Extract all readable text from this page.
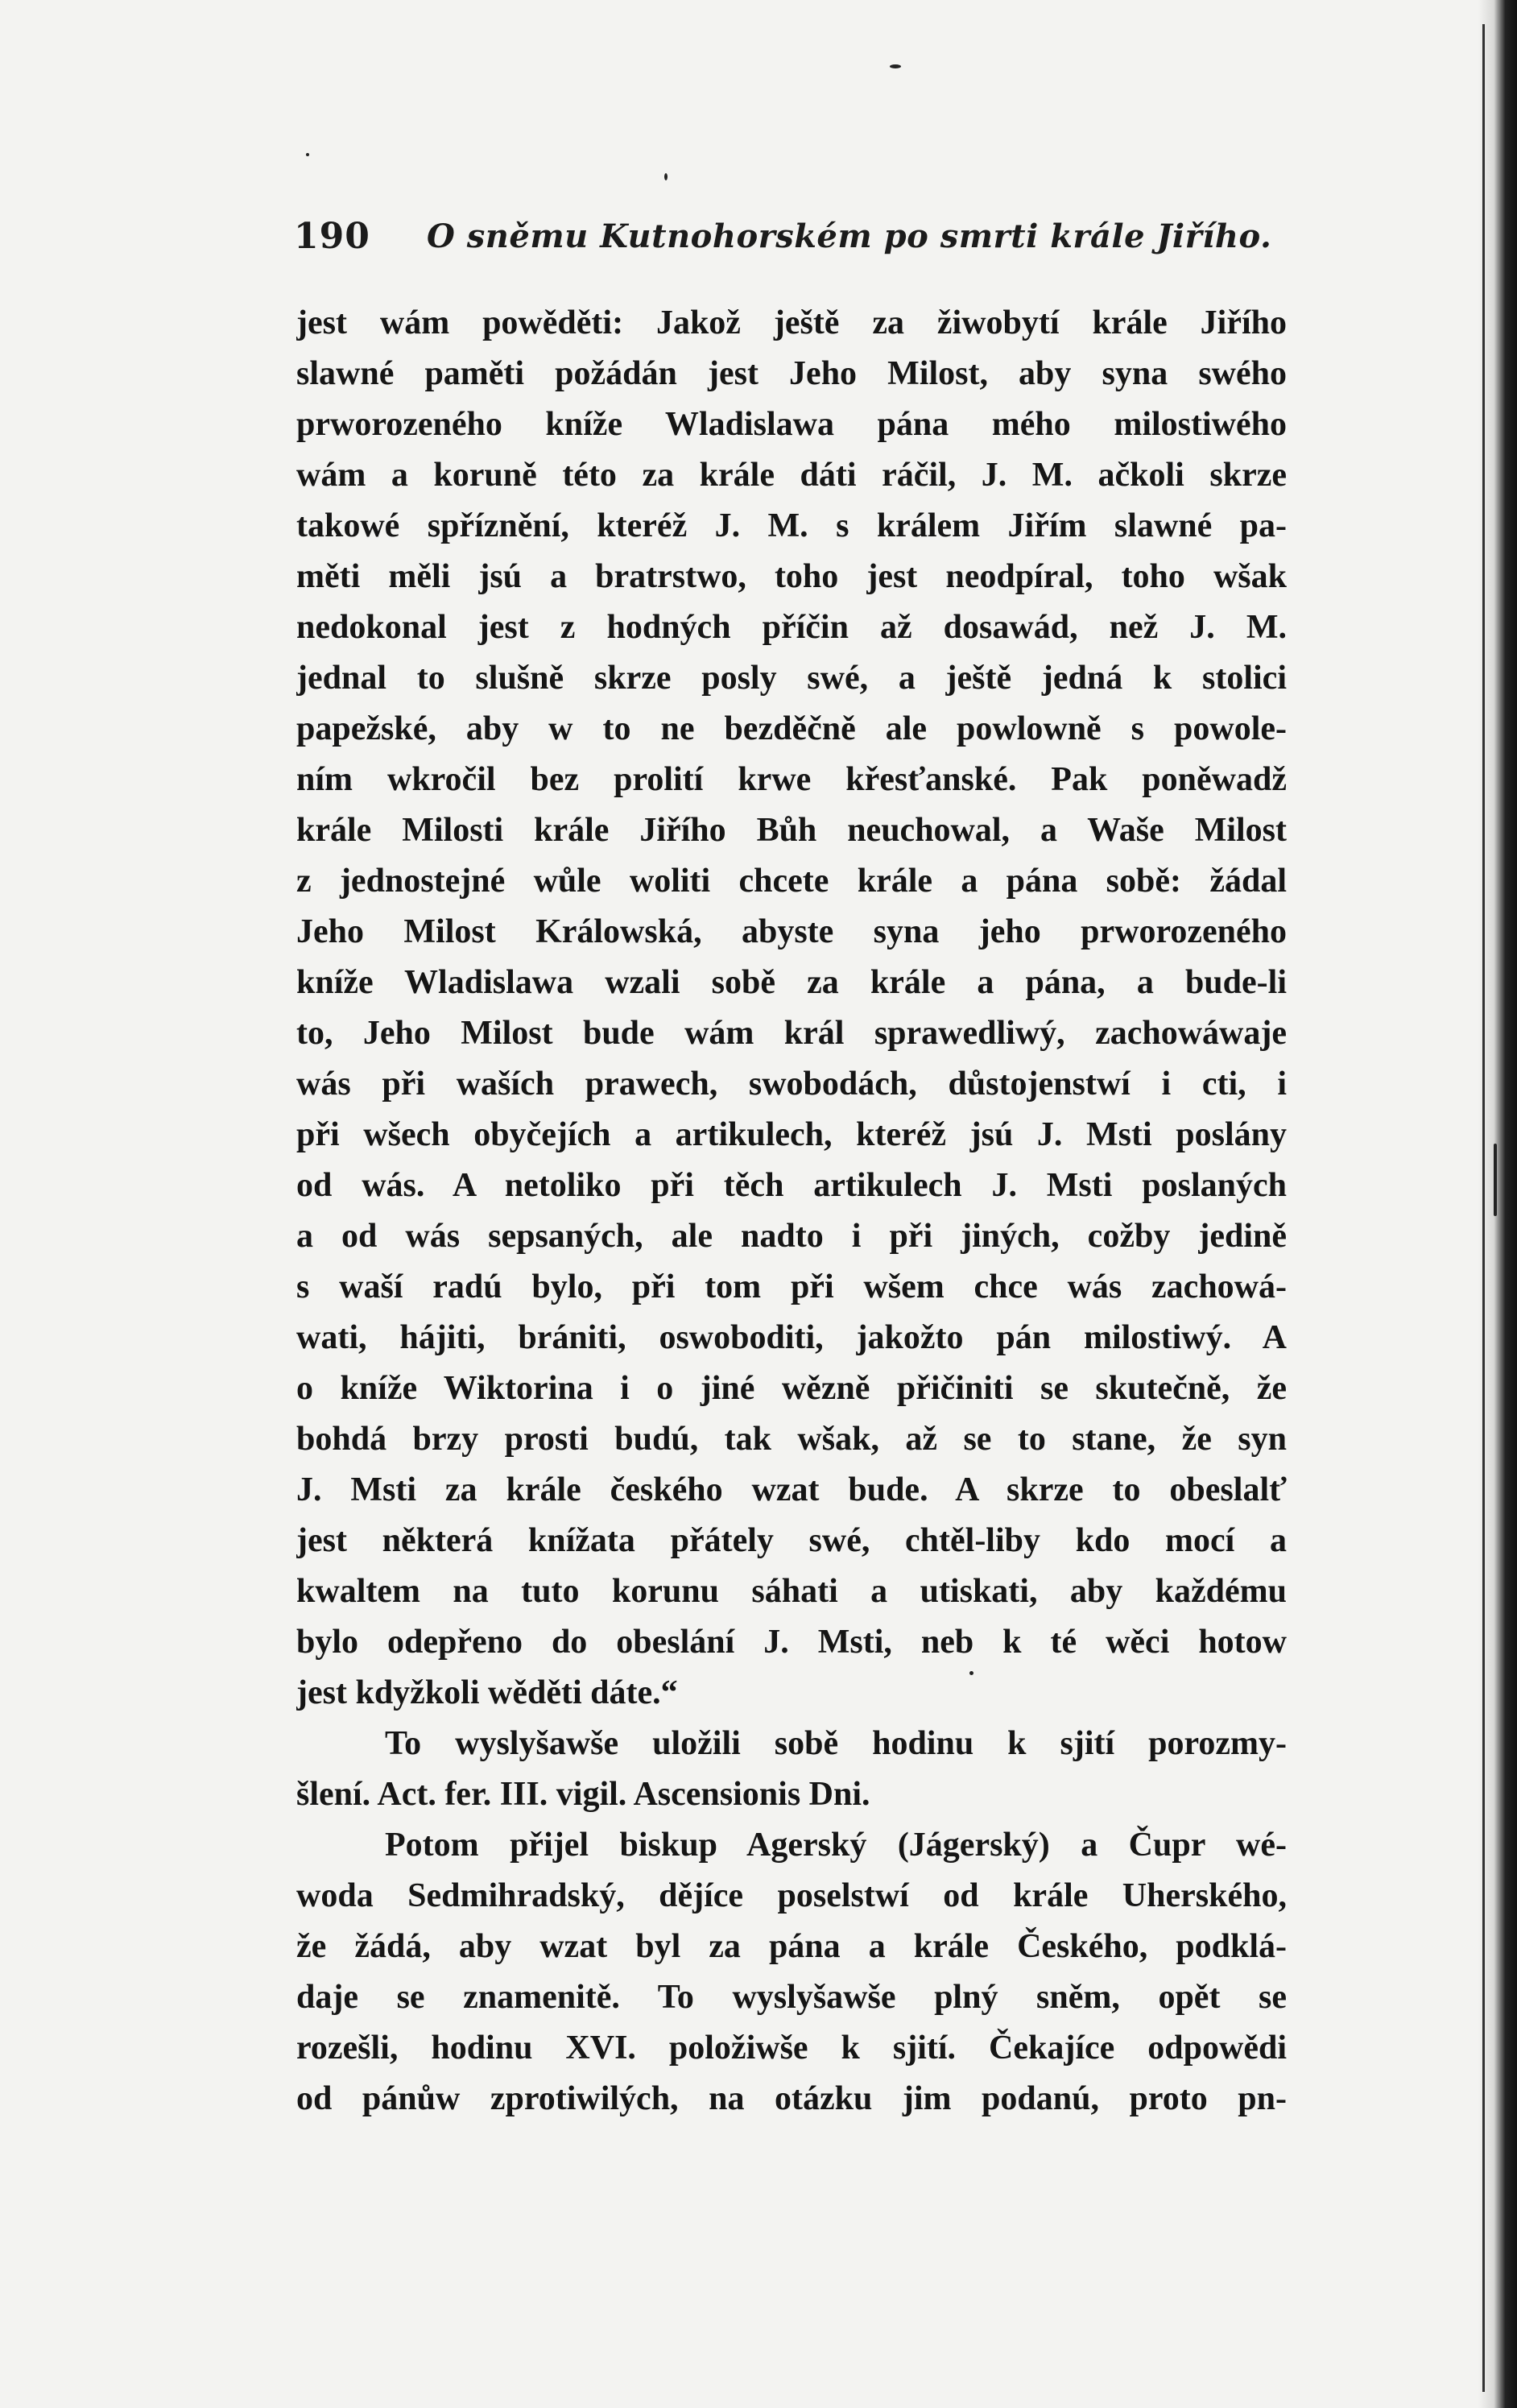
190 O sněmu Kutnohorském po smrti krále Jiřího.
jest wám powěděti: Jakož ještě za žiwobytí krále Jiřího
slawné paměti požádán jest Jeho Milost, aby syna swého
prworozeného kníže Wladislawa pána mého milostiwého
wám a koruně této za krále dáti ráčil, J. M. ačkoli skrze
takowé spříznění, kteréž J. M. s králem Jiřím slawné pa-
měti měli jsú a bratrstwo, toho jest neodpíral, toho wšak
nedokonal jest z hodných příčin až dosawád, než J. M.
jednal to slušně skrze posly swé, a ještě jedná k stolici
papežské, aby w to ne bezděčně ale powlowně s powole-
ním wkročil bez prolití krwe křesťanské. Pak poněwadž
krále Milosti krále Jiřího Bůh neuchowal, a Waše Milost
z jednostejné wůle woliti chcete krále a pána sobě: žádal
Jeho Milost Králowská, abyste syna jeho prworozeného
kníže Wladislawa wzali sobě za krále a pána, a bude-li
to, Jeho Milost bude wám král sprawedliwý, zachowáwaje
wás při waších prawech, swobodách, důstojenstwí i cti, i
při wšech obyčejích a artikulech, kteréž jsú J. Msti poslány
od wás. A netoliko při těch artikulech J. Msti poslaných
a od wás sepsaných, ale nadto i při jiných, cožby jedině
s waší radú bylo, při tom při wšem chce wás zachowá-
wati, hájiti, brániti, oswoboditi, jakožto pán milostiwý. A
o kníže Wiktorina i o jiné wězně přičiniti se skutečně, že
bohdá brzy prosti budú, tak wšak, až se to stane, že syn
J. Msti za krále českého wzat bude. A skrze to obeslalť
jest některá knížata přátely swé, chtěl-liby kdo mocí a
kwaltem na tuto korunu sáhati a utiskati, aby každému
bylo odepřeno do obeslání J. Msti, neb k té wěci hotow
jest kdyžkoli wěděti dáte.“
To wyslyšawše uložili sobě hodinu k sjití porozmy-
šlení. Act. fer. III. vigil. Ascensionis Dni.
Potom přijel biskup Agerský (Jágerský) a Čupr wé-
woda Sedmihradský, dějíce poselstwí od krále Uherského,
že žádá, aby wzat byl za pána a krále Českého, podklá-
daje se znamenitě. To wyslyšawše plný sněm, opět se
rozešli, hodinu XVI. položiwše k sjití. Čekajíce odpowědi
od pánůw zprotiwilých, na otázku jim podanú, proto pn-
